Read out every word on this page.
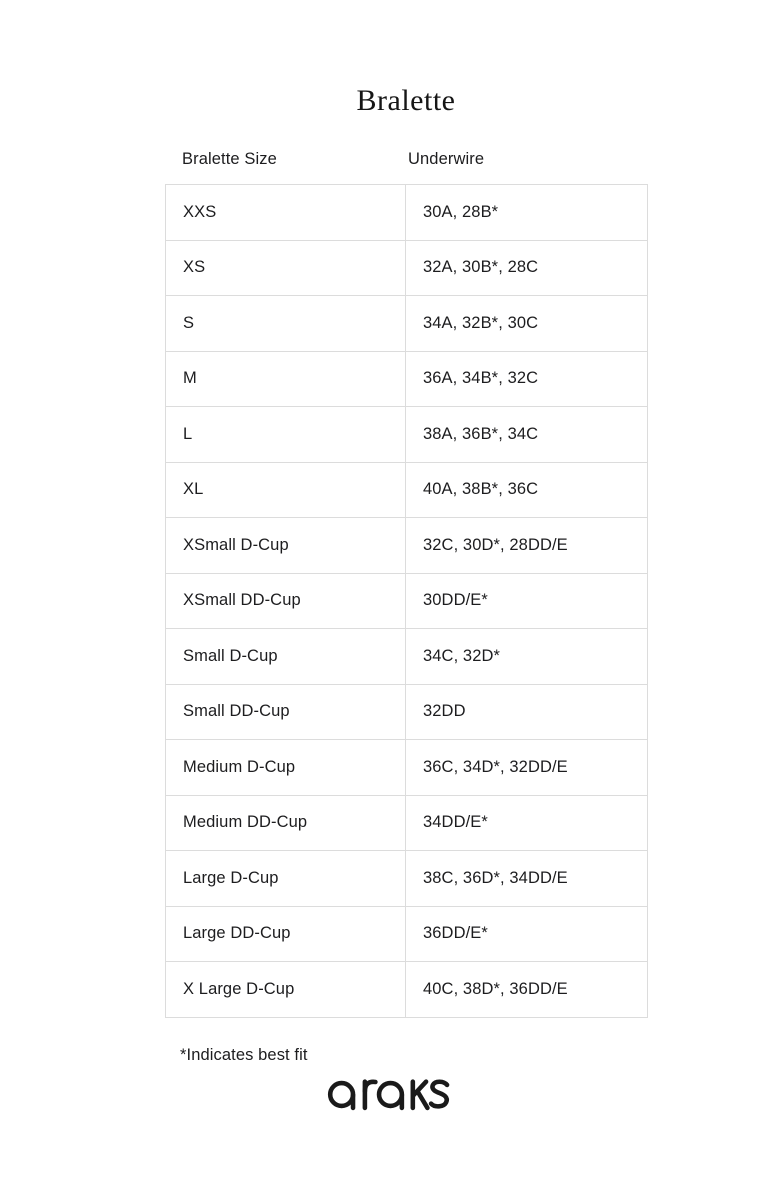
Bralette
Bralette Size	Underwire
XXS	30A, 28B*
XS	32A, 30B*, 28C
S	34A, 32B*, 30C
M	36A, 34B*, 32C
L	38A, 36B*, 34C
XL	40A, 38B*, 36C
XSmall D-Cup	32C, 30D*, 28DD/E
XSmall DD-Cup	30DD/E*
Small D-Cup	34C, 32D*
Small DD-Cup	32DD
Medium D-Cup	36C, 34D*, 32DD/E
Medium DD-Cup	34DD/E*
Large D-Cup	38C, 36D*, 34DD/E
Large DD-Cup	36DD/E*
X Large D-Cup	40C, 38D*, 36DD/E
*Indicates best fit
